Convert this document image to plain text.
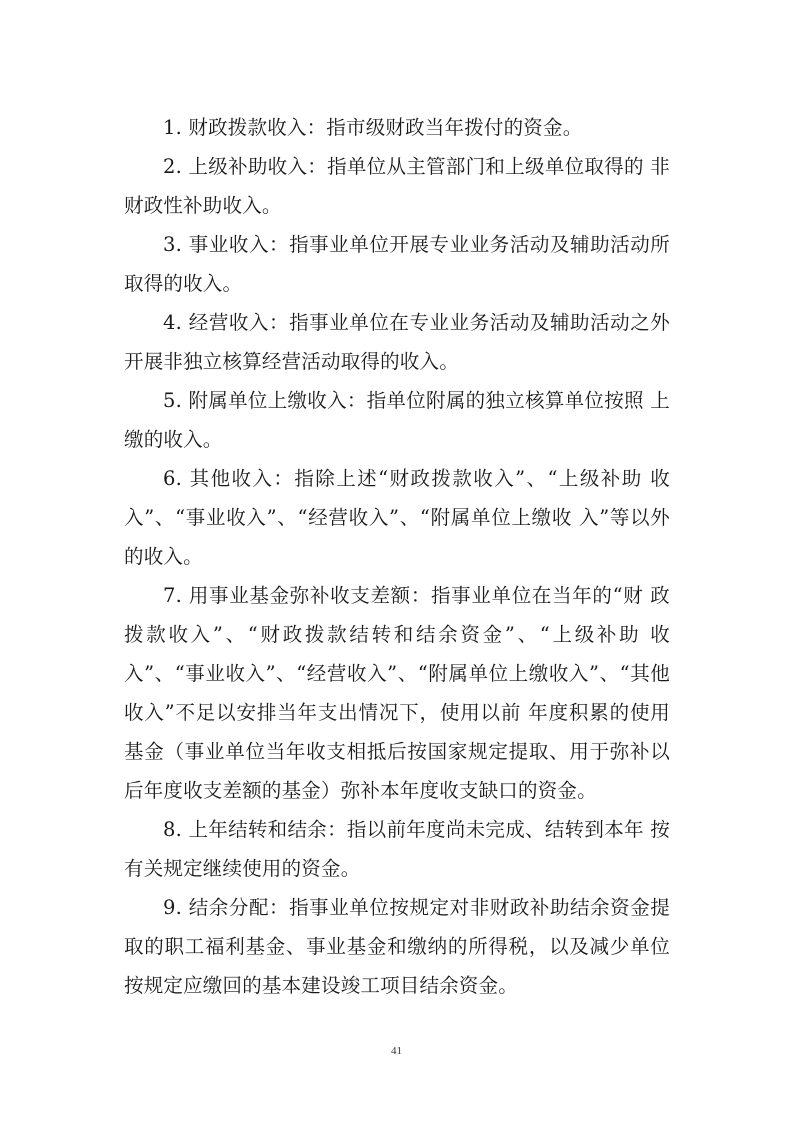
1. 财政拨款收入：指市级财政当年拨付的资金。

2. 上级补助收入：指单位从主管部门和上级单位取得的 非财政性补助收入。

3. 事业收入：指事业单位开展专业业务活动及辅助活动所取得的收入。

4. 经营收入：指事业单位在专业业务活动及辅助活动之外开展非独立核算经营活动取得的收入。

5. 附属单位上缴收入：指单位附属的独立核算单位按照 上缴的收入。

6. 其他收入：指除上述“财政拨款收入”、“上级补助 收入”、“事业收入”、“经营收入”、“附属单位上缴收 入”等以外的收入。

7. 用事业基金弥补收支差额：指事业单位在当年的“财 政拨款收入”、“财政拨款结转和结余资金”、“上级补助 收入”、“事业收入”、“经营收入”、“附属单位上缴收入”、“其他收入”不足以安排当年支出情况下，使用以前 年度积累的使用基金（事业单位当年收支相抵后按国家规定提取、用于弥补以后年度收支差额的基金）弥补本年度收支缺口的资金。

8. 上年结转和结余：指以前年度尚未完成、结转到本年 按有关规定继续使用的资金。

9. 结余分配：指事业单位按规定对非财政补助结余资金提取的职工福利基金、事业基金和缴纳的所得税，以及减少单位按规定应缴回的基本建设竣工项目结余资金。

41
